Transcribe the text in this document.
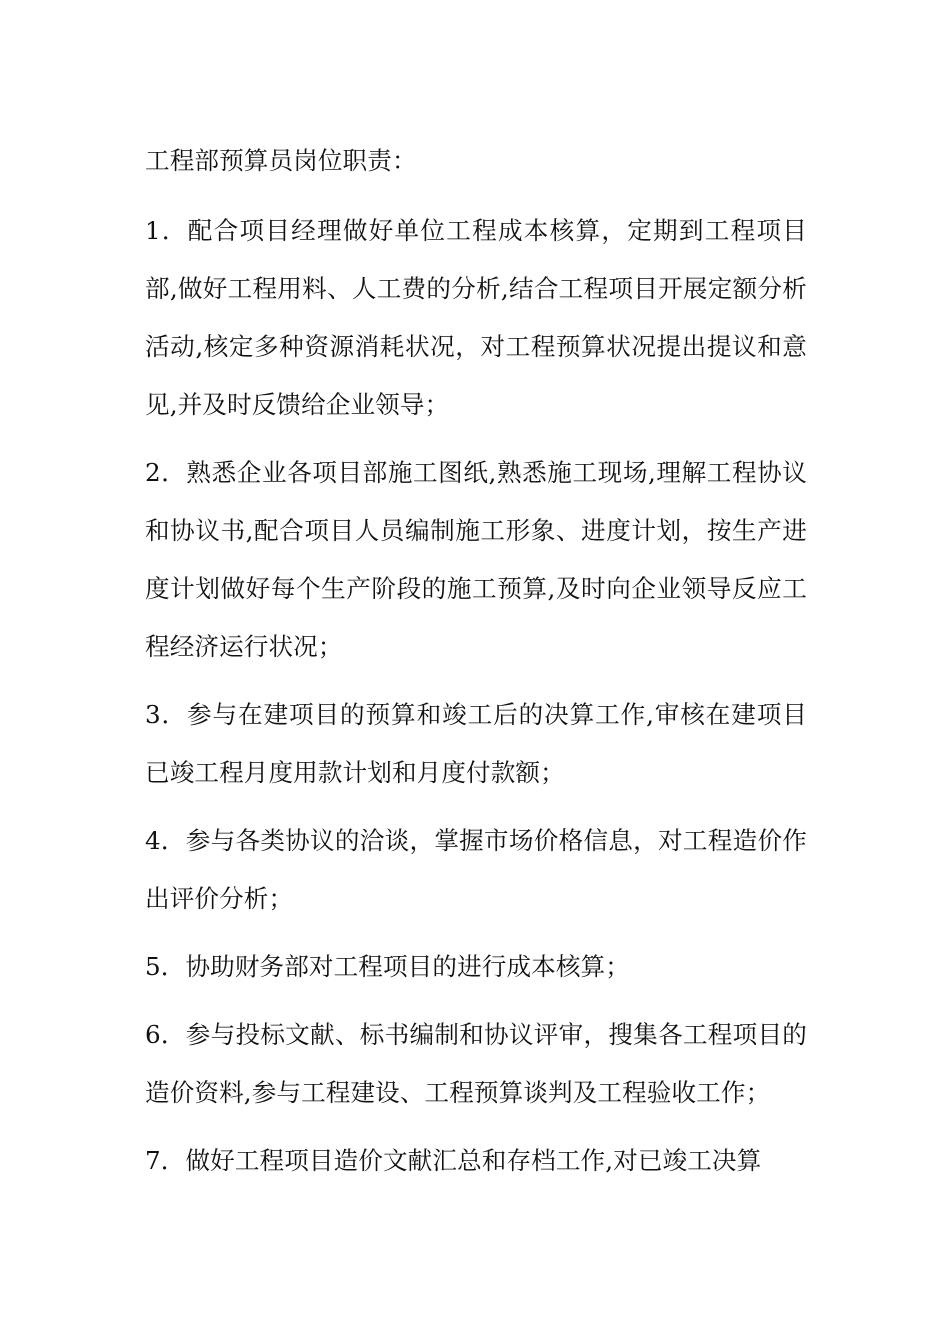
工程部预算员岗位职责：

1．配合项目经理做好单位工程成本核算，定期到工程项目部,做好工程用料、人工费的分析,结合工程项目开展定额分析活动,核定多种资源消耗状况，对工程预算状况提出提议和意见,并及时反馈给企业领导；

2．熟悉企业各项目部施工图纸,熟悉施工现场,理解工程协议和协议书,配合项目人员编制施工形象、进度计划，按生产进度计划做好每个生产阶段的施工预算,及时向企业领导反应工程经济运行状况；

3．参与在建项目的预算和竣工后的决算工作,审核在建项目已竣工程月度用款计划和月度付款额；

4．参与各类协议的洽谈，掌握市场价格信息，对工程造价作出评价分析；

5．协助财务部对工程项目的进行成本核算；

6．参与投标文献、标书编制和协议评审，搜集各工程项目的造价资料,参与工程建设、工程预算谈判及工程验收工作；

7．做好工程项目造价文献汇总和存档工作,对已竣工决算
